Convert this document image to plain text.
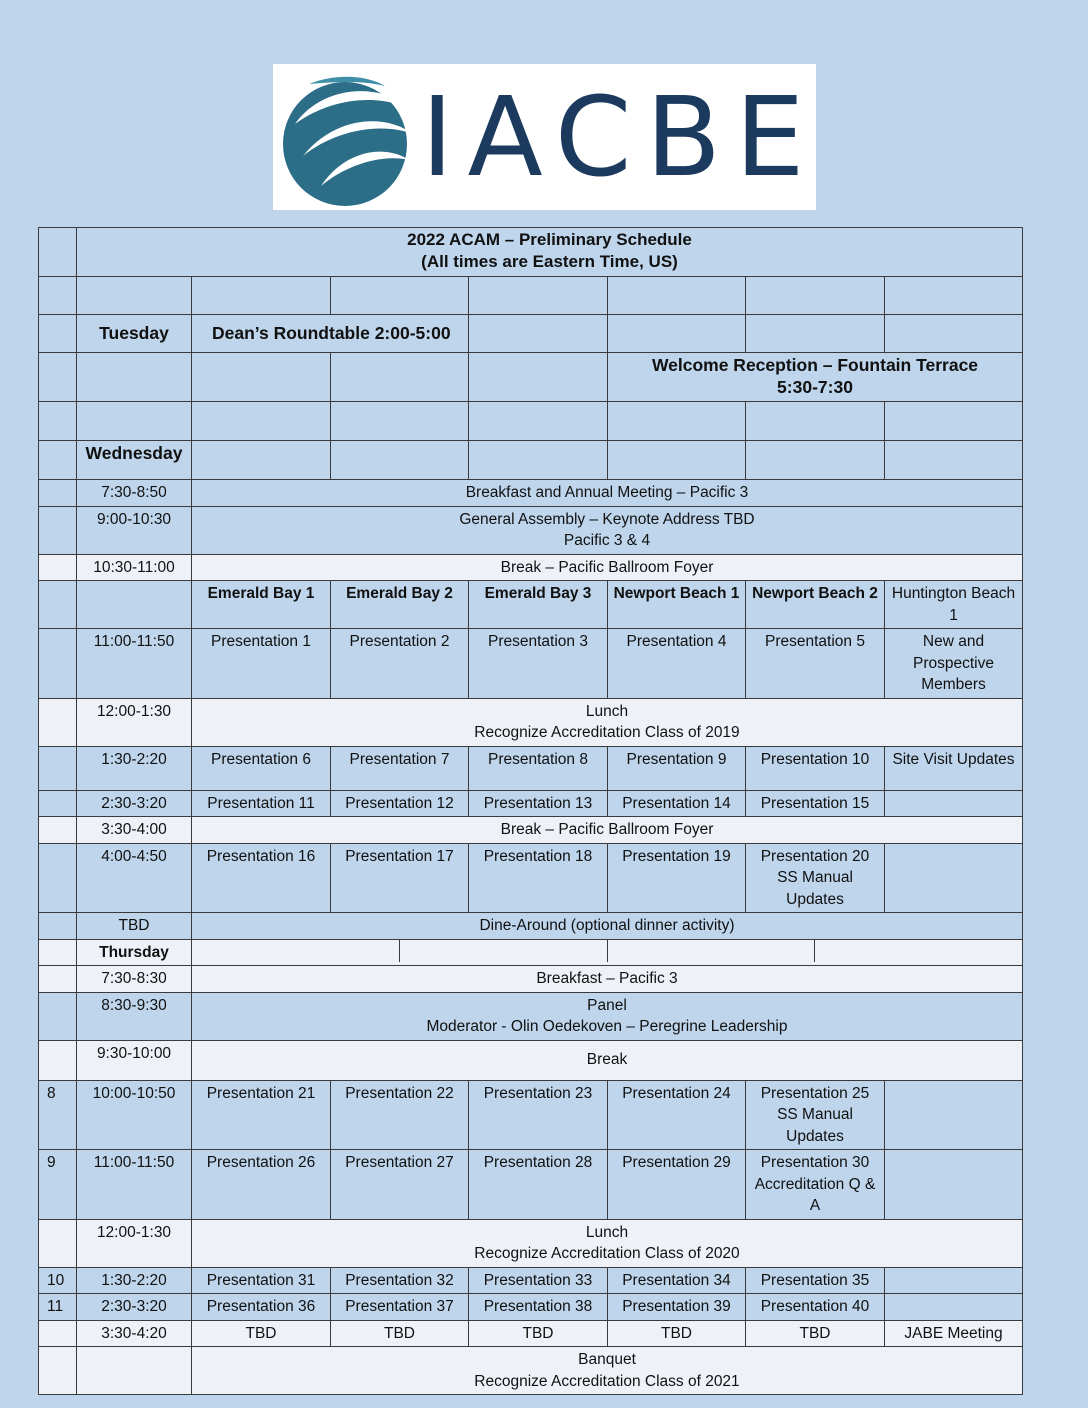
IACBE

	2022 ACAM – Preliminary Schedule
(All times are Eastern Time, US)						

	Tuesday	Dean’s Roundtable 2:00-5:00					

					Welcome Reception – Fountain Terrace
5:30-7:30		

	Wednesday						
	7:30-8:50	Breakfast and Annual Meeting – Pacific 3					
	9:00-10:30	General Assembly – Keynote Address TBD
Pacific 3 & 4					

	10:30-11:00	Break – Pacific Ballroom Foyer					
		Emerald Bay 1	Emerald Bay 2	Emerald Bay 3	Newport Beach 1	Newport Beach 2	Huntington Beach 1
	11:00-11:50	Presentation 1	Presentation 2	Presentation 3	Presentation 4	Presentation 5	New and Prospective Members
	12:00-1:30	Lunch
Recognize Accreditation Class of 2019					

	1:30-2:20	Presentation 6	Presentation 7	Presentation 8	Presentation 9	Presentation 10	Site Visit Updates
	2:30-3:20	Presentation 11	Presentation 12	Presentation 13	Presentation 14	Presentation 15	
	3:30-4:00	Break – Pacific Ballroom Foyer					
	4:00-4:50	Presentation 16	Presentation 17	Presentation 18	Presentation 19	Presentation 20 SS Manual Updates	
	TBD	Dine-Around (optional dinner activity)					
	Thursday						

	7:30-8:30	Breakfast – Pacific 3					
	8:30-9:30	Panel
Moderator - Olin Oedekoven – Peregrine Leadership					

	9:30-10:00	Break					
8	10:00-10:50	Presentation 21	Presentation 22	Presentation 23	Presentation 24	Presentation 25 SS Manual Updates	
9	11:00-11:50	Presentation 26	Presentation 27	Presentation 28	Presentation 29	Presentation 30 Accreditation Q & A	
	12:00-1:30	Lunch
Recognize Accreditation Class of 2020					

10	1:30-2:20	Presentation 31	Presentation 32	Presentation 33	Presentation 34	Presentation 35	
11	2:30-3:20	Presentation 36	Presentation 37	Presentation 38	Presentation 39	Presentation 40	
	3:30-4:20	TBD	TBD	TBD	TBD	TBD	JABE Meeting

		Banquet
Recognize Accreditation Class of 2021					
